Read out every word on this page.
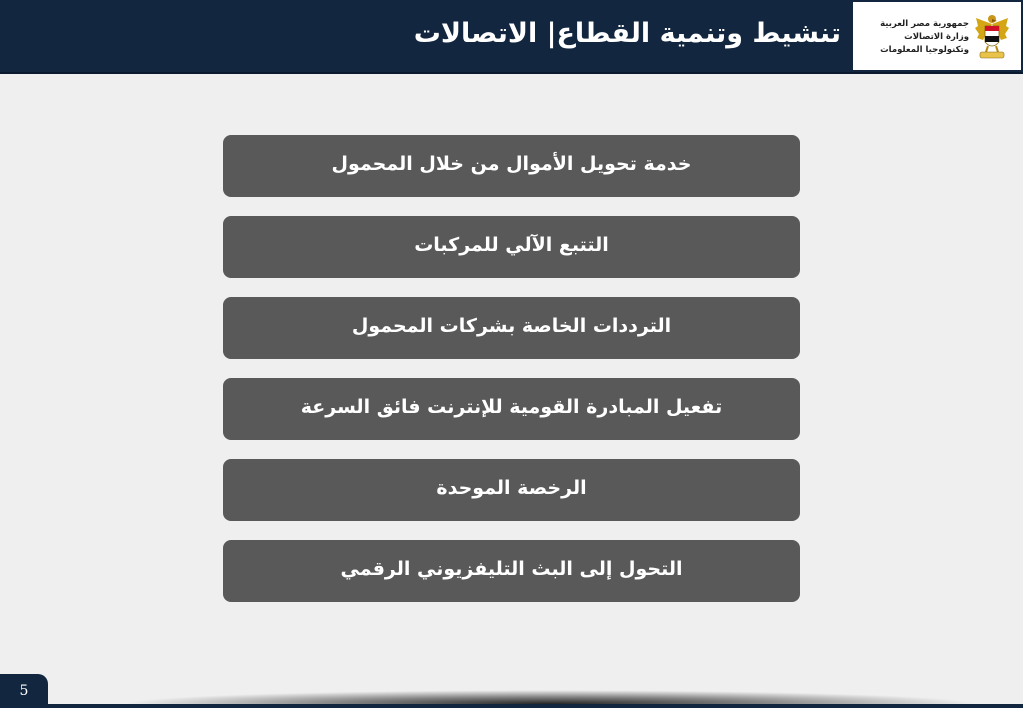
تنشيط وتنمية القطاع| الاتصالات	جمهورية مصر العربية
وزارة الاتصالات
وتكنولوجيا المعلومات
خدمة تحويل الأموال من خلال المحمول
التتبع الآلي للمركبات
الترددات الخاصة بشركات المحمول
تفعيل المبادرة القومية للإنترنت فائق السرعة
الرخصة الموحدة
التحول إلى البث التليفزيوني الرقمي
5
